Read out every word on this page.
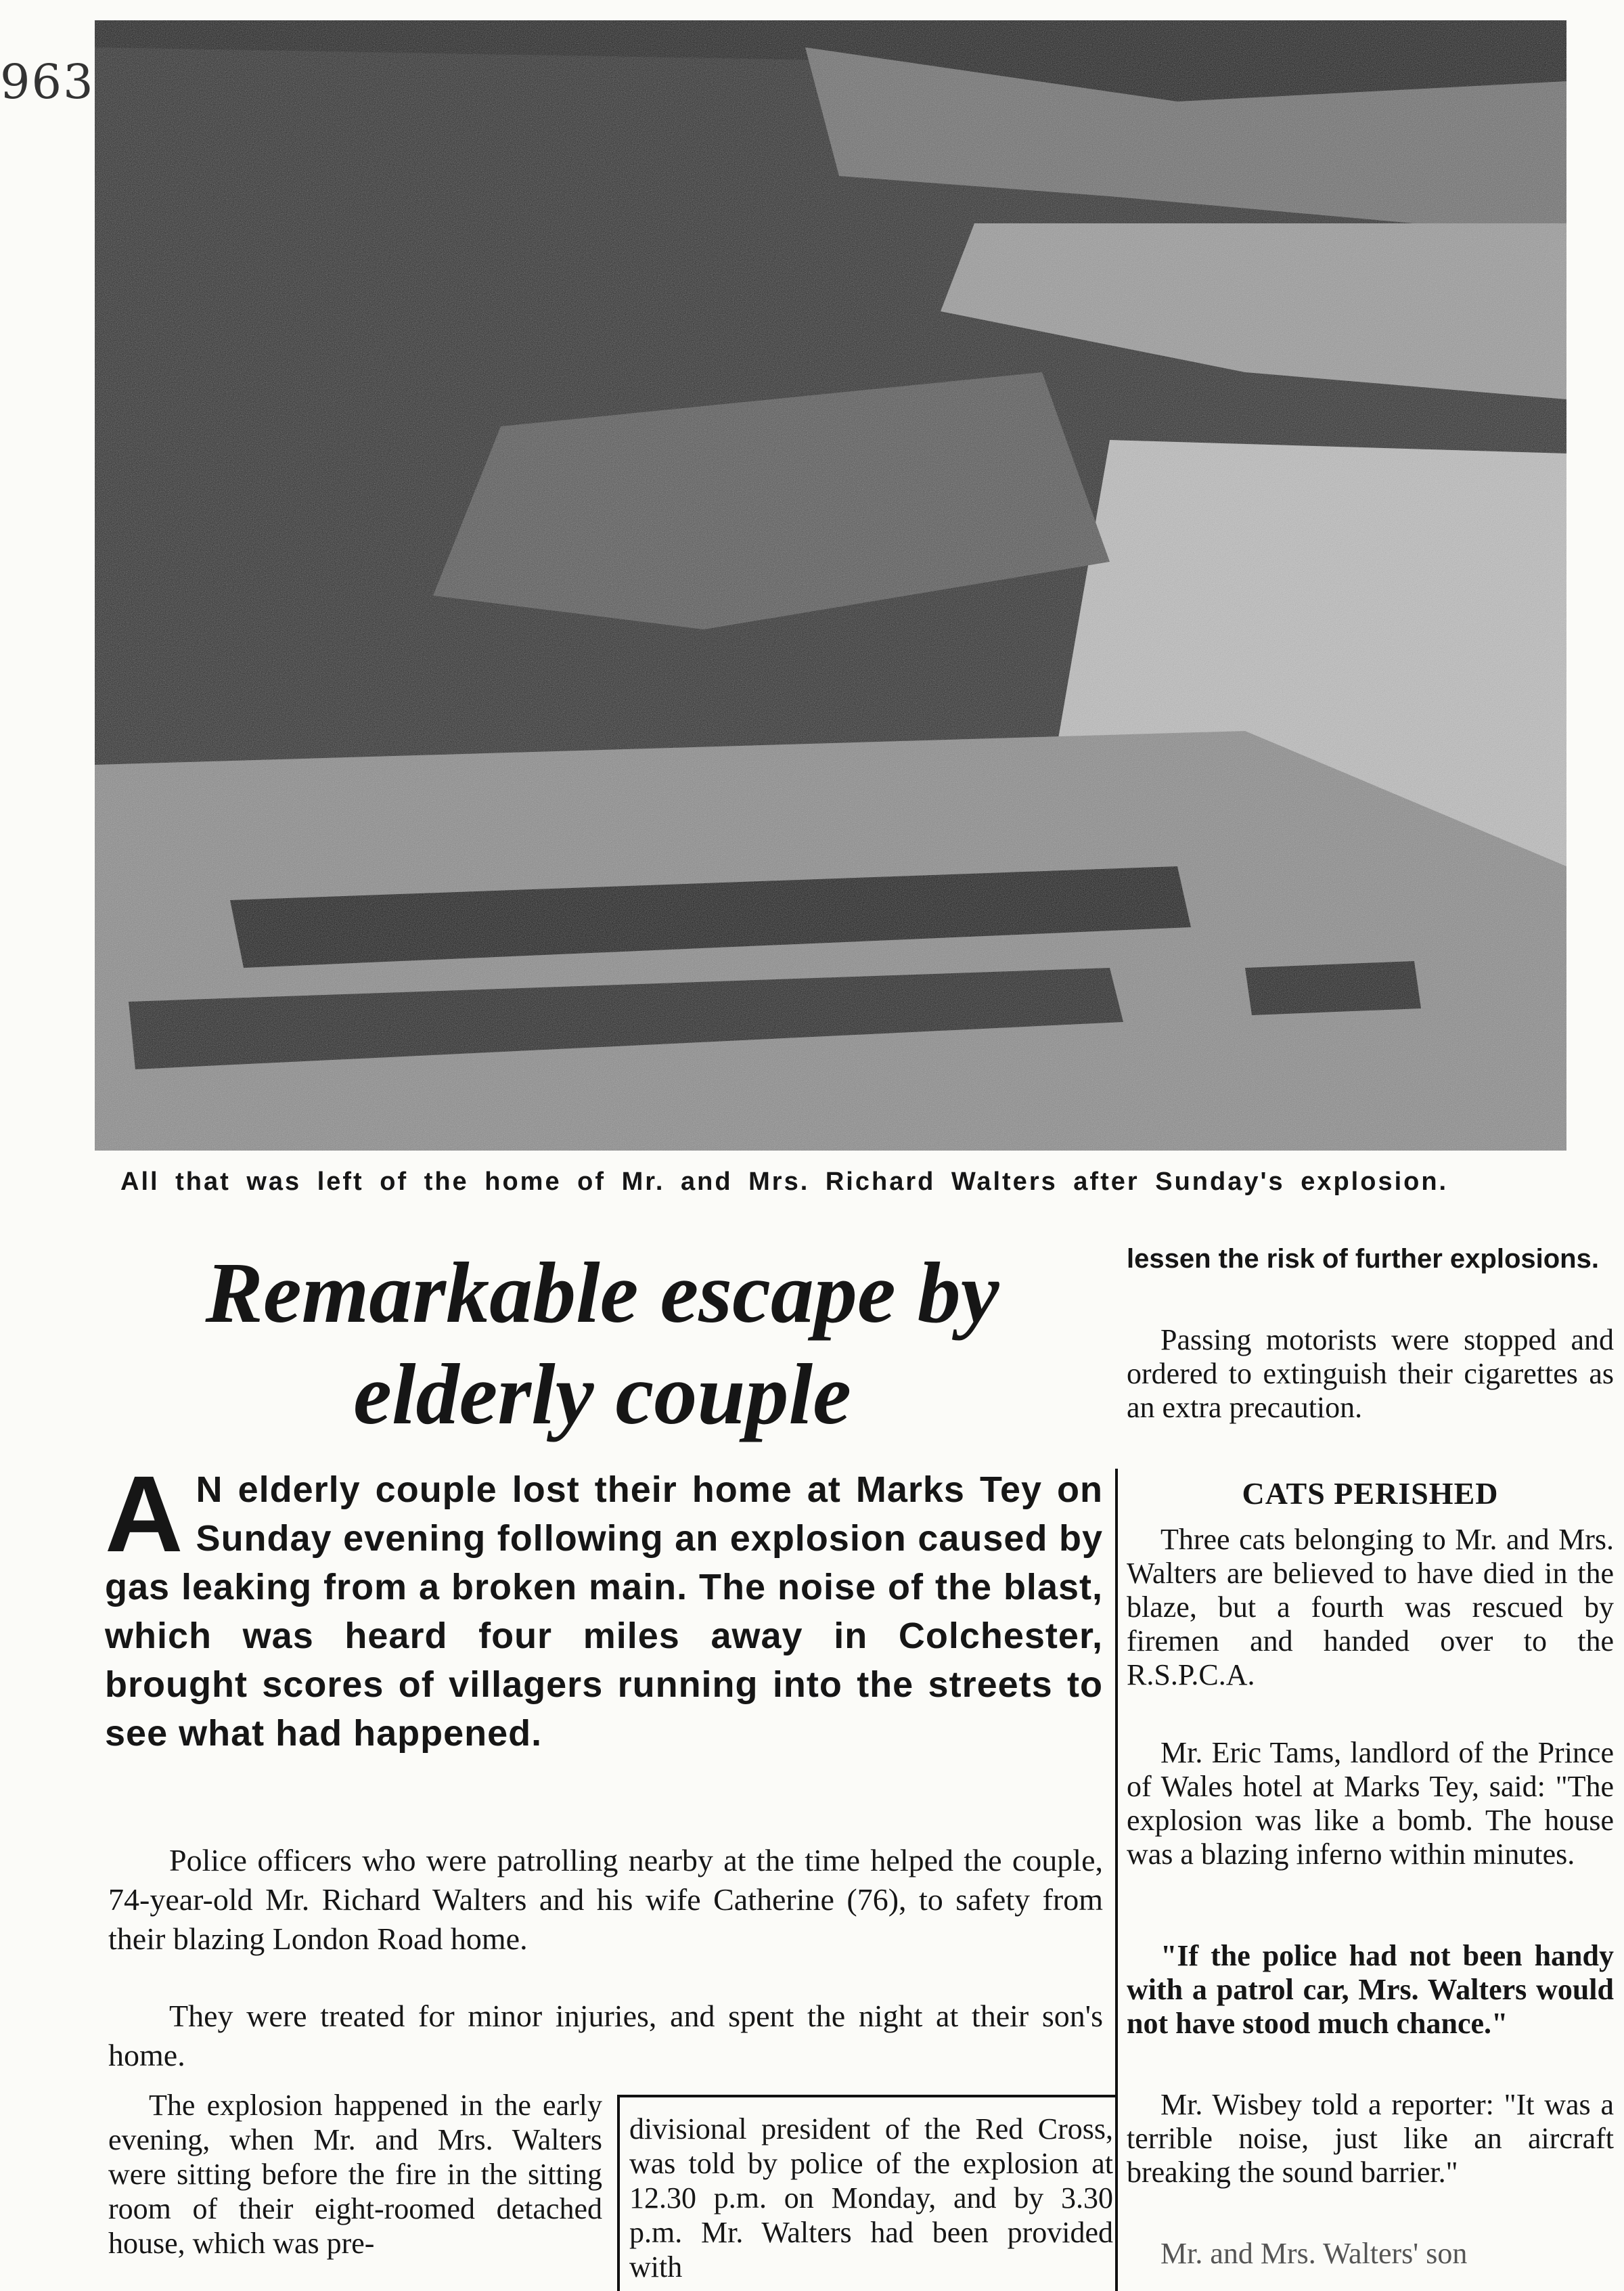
963
All that was left of the home of Mr. and Mrs. Richard Walters after Sunday's explosion.
Remarkable escape by elderly couple
A N elderly couple lost their home at Marks Tey on Sunday evening following an explosion caused by gas leaking from a broken main. The noise of the blast, which was heard four miles away in Colchester, brought scores of villagers running into the streets to see what had happened.
Police officers who were patrolling nearby at the time helped the couple, 74-year-old Mr. Richard Walters and his wife Catherine (76), to safety from their blazing London Road home.
They were treated for minor injuries, and spent the night at their son's home.
The explosion happened in the early evening, when Mr. and Mrs. Walters were sitting before the fire in the sitting room of their eight-roomed detached house, which was pre-
divisional president of the Red Cross, was told by police of the explosion at 12.30 p.m. on Monday, and by 3.30 p.m. Mr. Walters had been provided with
lessen the risk of further explosions.
Passing motorists were stopped and ordered to extinguish their cigarettes as an extra precaution.
CATS PERISHED
Three cats belonging to Mr. and Mrs. Walters are believed to have died in the blaze, but a fourth was rescued by firemen and handed over to the R.S.P.C.A.
Mr. Eric Tams, landlord of the Prince of Wales hotel at Marks Tey, said: "The explosion was like a bomb. The house was a blazing inferno within minutes.
"If the police had not been handy with a patrol car, Mrs. Walters would not have stood much chance."
Mr. Wisbey told a reporter: "It was a terrible noise, just like an aircraft breaking the sound barrier."
Mr. and Mrs. Walters' son
